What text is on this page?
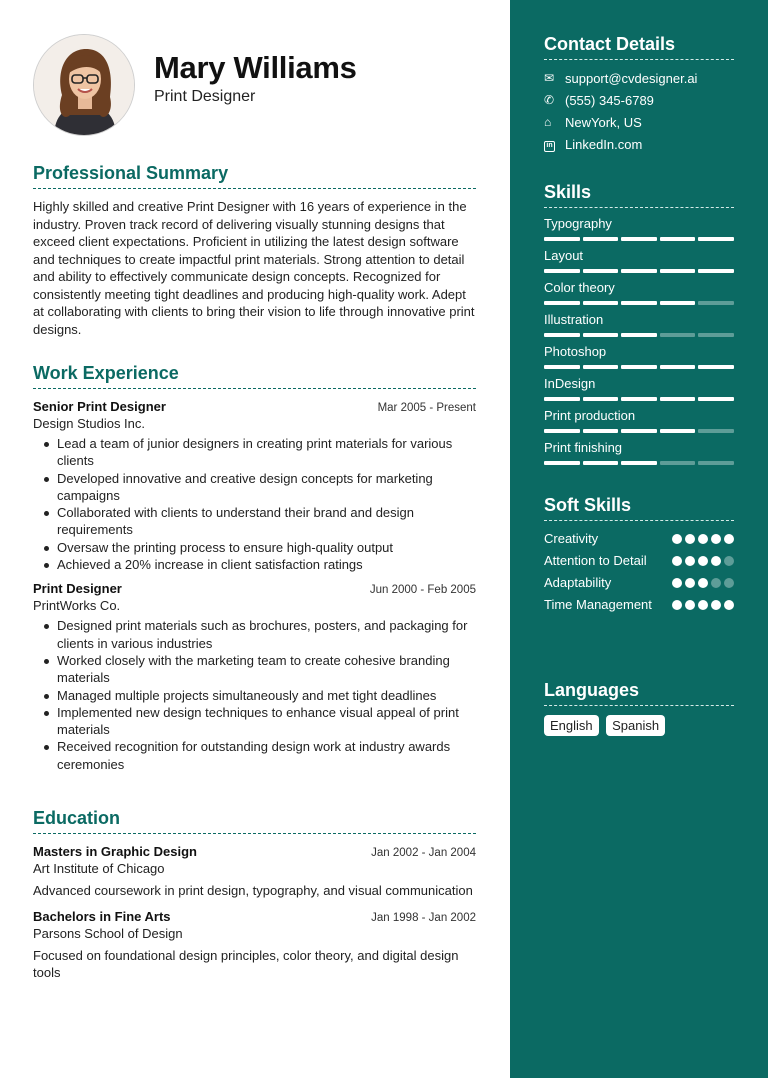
Mary Williams
Print Designer
Professional Summary
Highly skilled and creative Print Designer with 16 years of experience in the industry. Proven track record of delivering visually stunning designs that exceed client expectations. Proficient in utilizing the latest design software and techniques to create impactful print materials. Strong attention to detail and ability to effectively communicate design concepts. Recognized for consistently meeting tight deadlines and producing high-quality work. Adept at collaborating with clients to bring their vision to life through innovative print designs.
Work Experience
Senior Print Designer	Mar 2005 - Present
Design Studios Inc.
Lead a team of junior designers in creating print materials for various clients
Developed innovative and creative design concepts for marketing campaigns
Collaborated with clients to understand their brand and design requirements
Oversaw the printing process to ensure high-quality output
Achieved a 20% increase in client satisfaction ratings
Print Designer	Jun 2000 - Feb 2005
PrintWorks Co.
Designed print materials such as brochures, posters, and packaging for clients in various industries
Worked closely with the marketing team to create cohesive branding materials
Managed multiple projects simultaneously and met tight deadlines
Implemented new design techniques to enhance visual appeal of print materials
Received recognition for outstanding design work at industry awards ceremonies
Education
Masters in Graphic Design	Jan 2002 - Jan 2004
Art Institute of Chicago
Advanced coursework in print design, typography, and visual communication
Bachelors in Fine Arts	Jan 1998 - Jan 2002
Parsons School of Design
Focused on foundational design principles, color theory, and digital design tools
Contact Details
✉ support@cvdesigner.ai
✆ (555) 345-6789
⌂	NewYork, US
in LinkedIn.com
Skills
Typography
Layout
Color theory
Illustration
Photoshop
InDesign
Print production
Print finishing
Soft Skills
Creativity
Attention to Detail
Adaptability
Time Management
Languages
English Spanish
